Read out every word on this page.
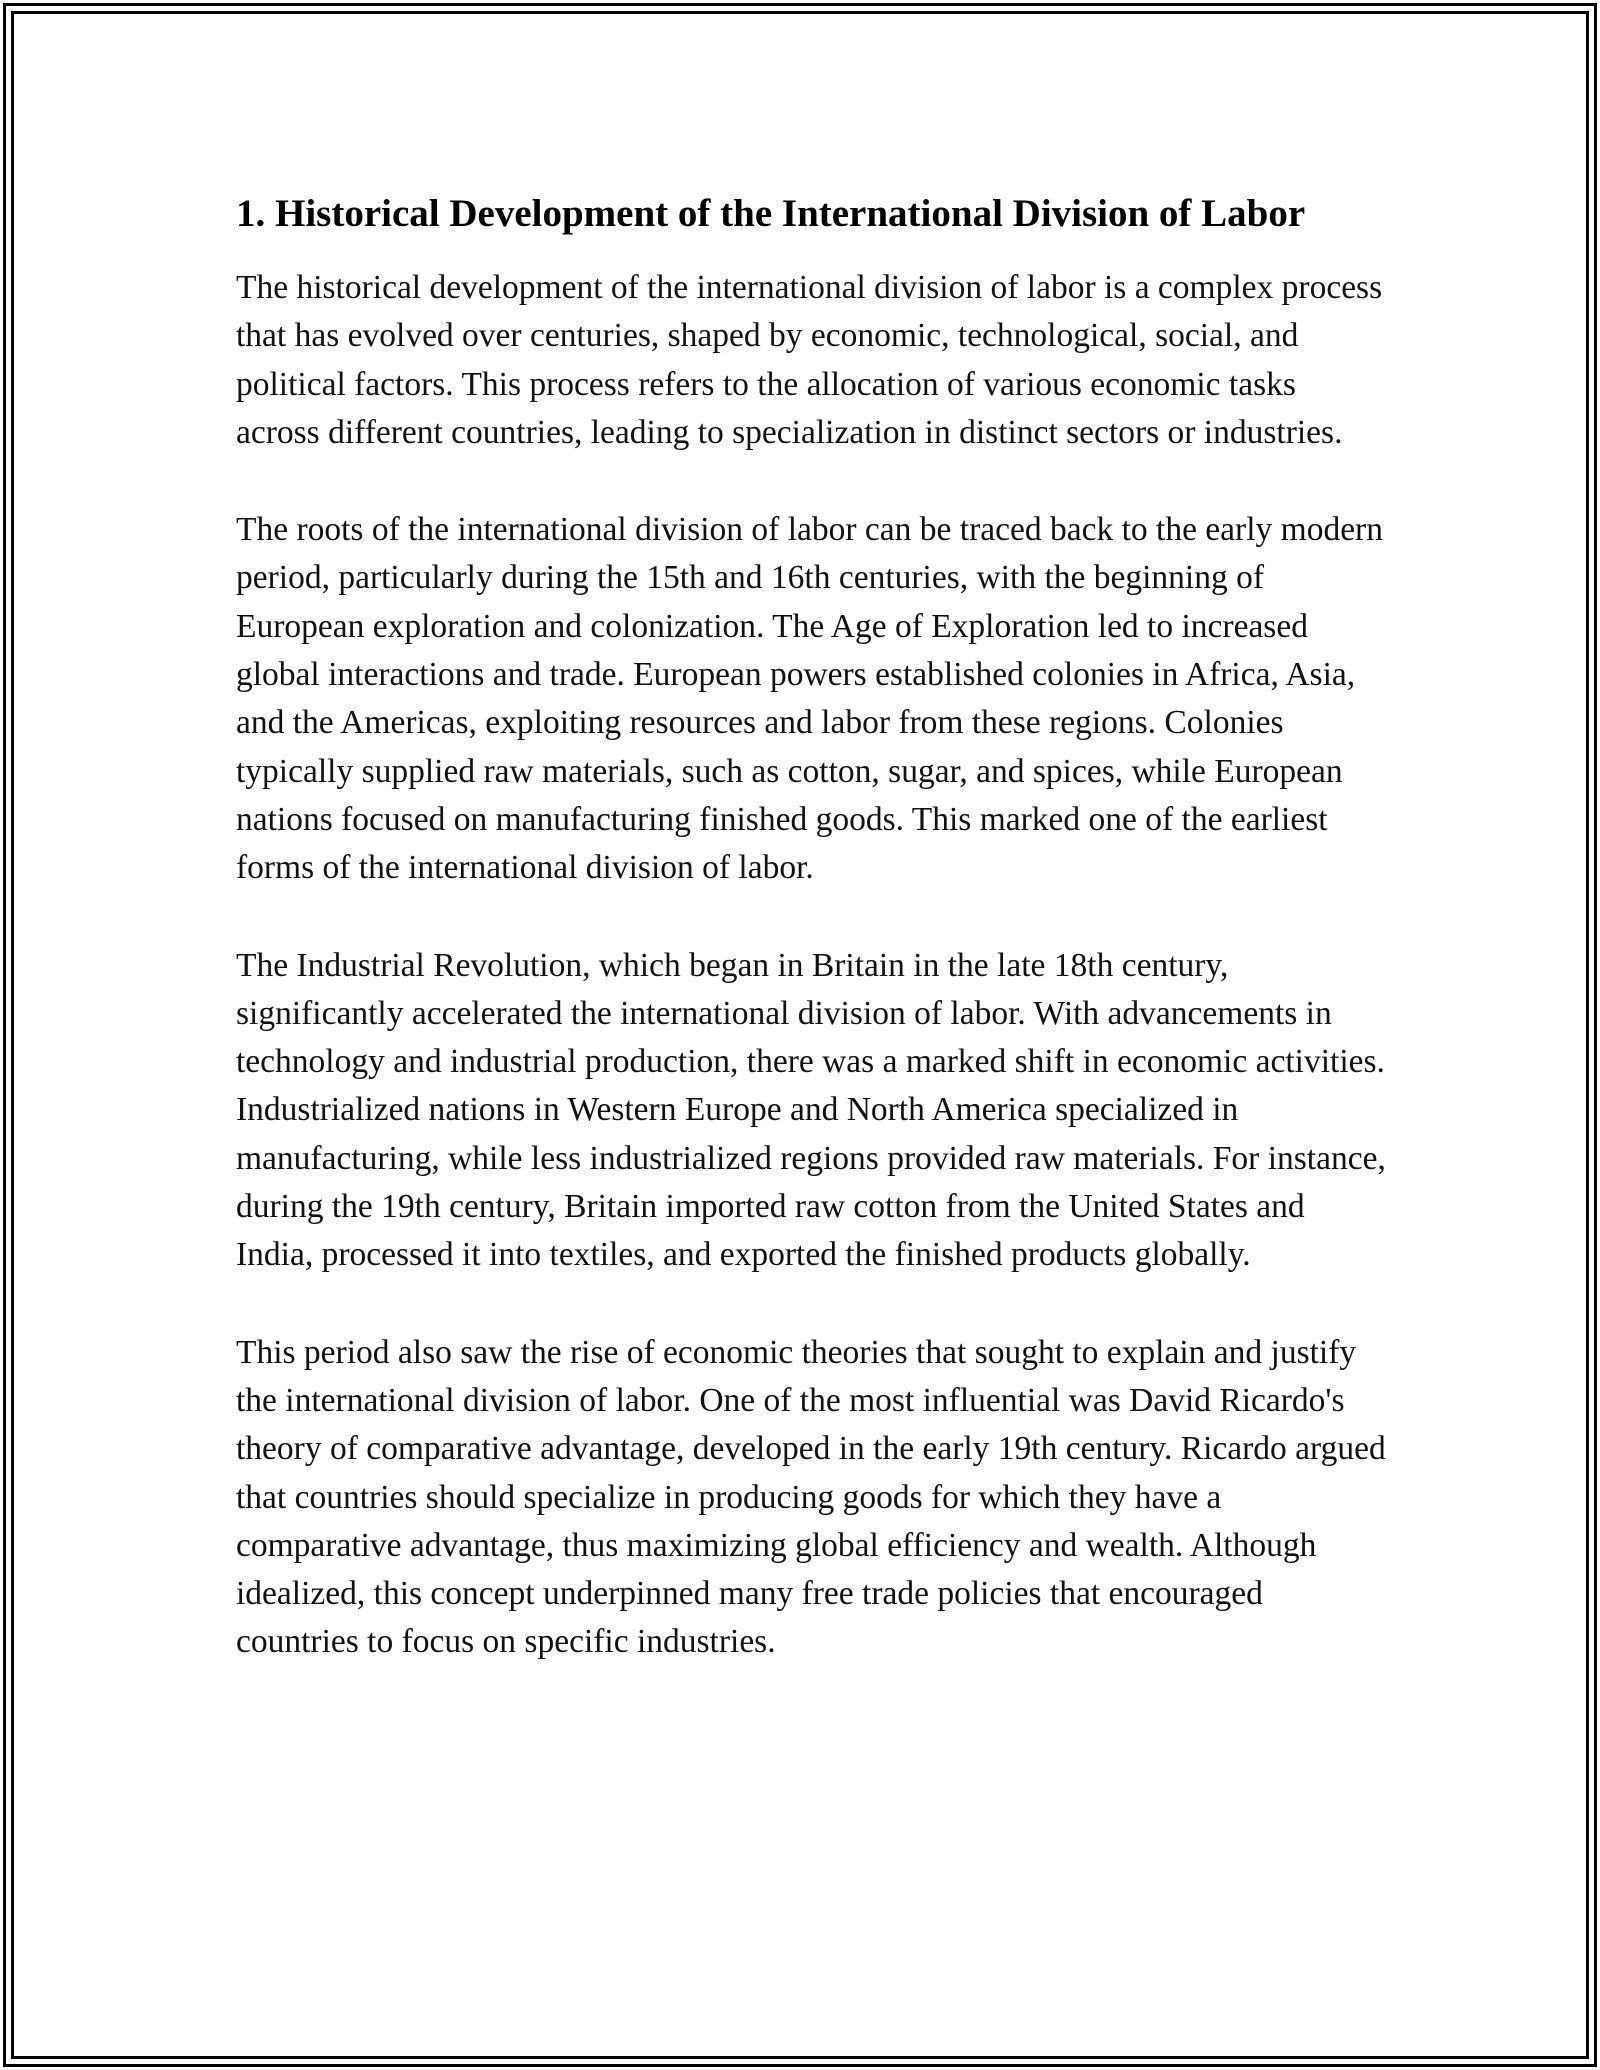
1. Historical Development of the International Division of Labor

The historical development of the international division of labor is a complex process that has evolved over centuries, shaped by economic, technological, social, and political factors. This process refers to the allocation of various economic tasks across different countries, leading to specialization in distinct sectors or industries.

The roots of the international division of labor can be traced back to the early modern period, particularly during the 15th and 16th centuries, with the beginning of European exploration and colonization. The Age of Exploration led to increased global interactions and trade. European powers established colonies in Africa, Asia, and the Americas, exploiting resources and labor from these regions. Colonies typically supplied raw materials, such as cotton, sugar, and spices, while European nations focused on manufacturing finished goods. This marked one of the earliest forms of the international division of labor.

The Industrial Revolution, which began in Britain in the late 18th century, significantly accelerated the international division of labor. With advancements in technology and industrial production, there was a marked shift in economic activities. Industrialized nations in Western Europe and North America specialized in manufacturing, while less industrialized regions provided raw materials. For instance, during the 19th century, Britain imported raw cotton from the United States and India, processed it into textiles, and exported the finished products globally.

This period also saw the rise of economic theories that sought to explain and justify the international division of labor. One of the most influential was David Ricardo's theory of comparative advantage, developed in the early 19th century. Ricardo argued that countries should specialize in producing goods for which they have a comparative advantage, thus maximizing global efficiency and wealth. Although idealized, this concept underpinned many free trade policies that encouraged countries to focus on specific industries.
